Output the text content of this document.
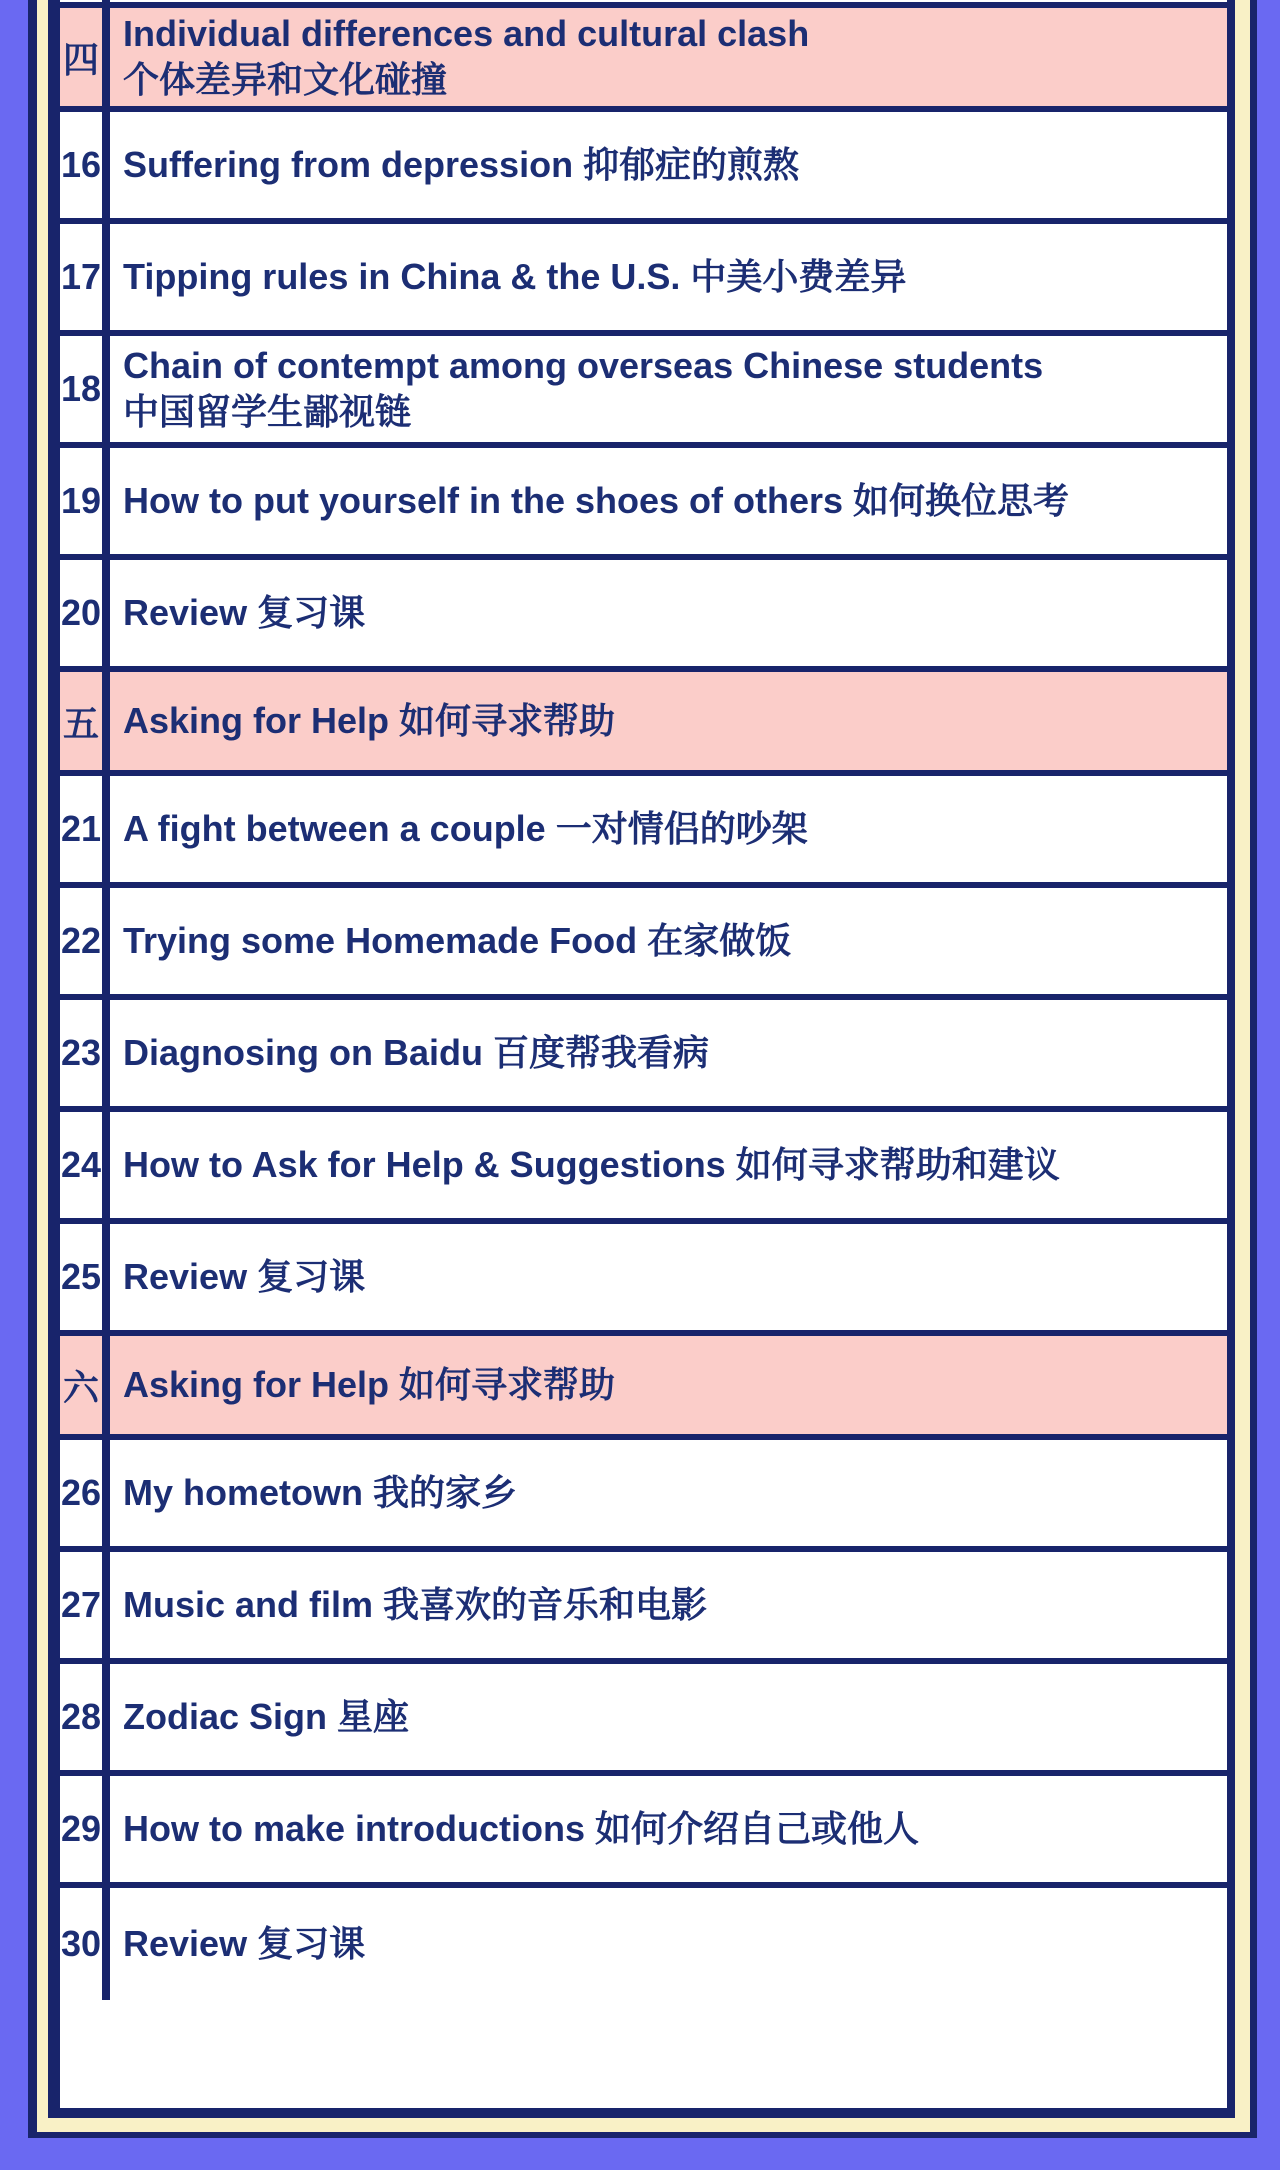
四
Individual differences and cultural clash
个体差异和文化碰撞
16 Suffering from depression 抑郁症的煎熬
17 Tipping rules in China & the U.S. 中美小费差异
18
Chain of contempt among overseas Chinese students
中国留学生鄙视链
19 How to put yourself in the shoes of others 如何换位思考
20 Review 复习课
五 Asking for Help 如何寻求帮助
21 A fight between a couple 一对情侣的吵架
22 Trying some Homemade Food 在家做饭
23 Diagnosing on Baidu 百度帮我看病
24 How to Ask for Help & Suggestions 如何寻求帮助和建议
25 Review 复习课
六 Asking for Help 如何寻求帮助
26 My hometown 我的家乡
27 Music and film 我喜欢的音乐和电影
28 Zodiac Sign 星座
29 How to make introductions 如何介绍自己或他人
30 Review 复习课
